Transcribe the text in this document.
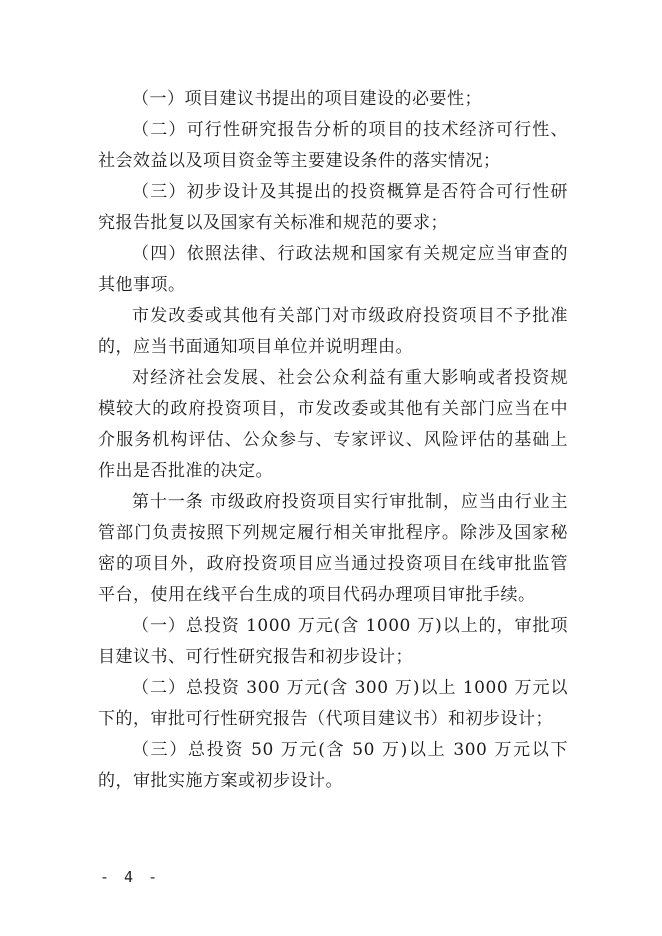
（一）项目建议书提出的项目建设的必要性；

（二）可行性研究报告分析的项目的技术经济可行性、社会效益以及项目资金等主要建设条件的落实情况；

（三）初步设计及其提出的投资概算是否符合可行性研究报告批复以及国家有关标准和规范的要求；

（四）依照法律、行政法规和国家有关规定应当审查的其他事项。

市发改委或其他有关部门对市级政府投资项目不予批准的，应当书面通知项目单位并说明理由。

对经济社会发展、社会公众利益有重大影响或者投资规模较大的政府投资项目，市发改委或其他有关部门应当在中介服务机构评估、公众参与、专家评议、风险评估的基础上作出是否批准的决定。

第十一条 市级政府投资项目实行审批制，应当由行业主管部门负责按照下列规定履行相关审批程序。除涉及国家秘密的项目外，政府投资项目应当通过投资项目在线审批监管平台，使用在线平台生成的项目代码办理项目审批手续。

（一）总投资 1000 万元(含 1000 万)以上的，审批项目建议书、可行性研究报告和初步设计；

（二）总投资 300 万元(含 300 万)以上 1000 万元以下的，审批可行性研究报告（代项目建议书）和初步设计；

（三）总投资 50 万元(含 50 万)以上 300 万元以下的，审批实施方案或初步设计。

- 4 -
